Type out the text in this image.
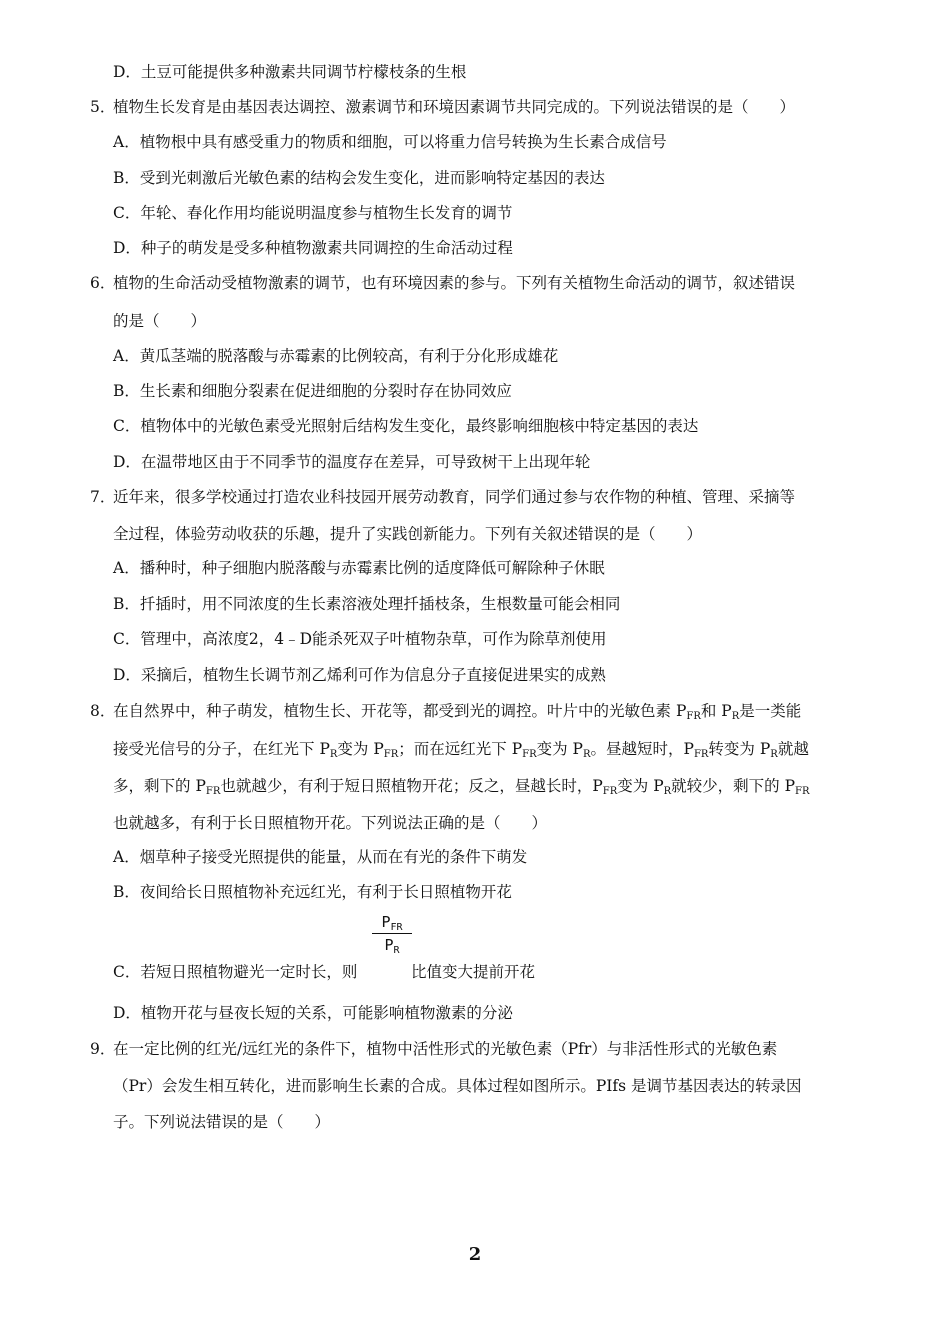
D．土豆可能提供多种激素共同调节柠檬枝条的生根
5．
植物生长发育是由基因表达调控、激素调节和环境因素调节共同完成的。下列说法错误的是（　　）
A．植物根中具有感受重力的物质和细胞，可以将重力信号转换为生长素合成信号
B．受到光刺激后光敏色素的结构会发生变化，进而影响特定基因的表达
C．年轮、春化作用均能说明温度参与植物生长发育的调节
D．种子的萌发是受多种植物激素共同调控的生命活动过程
6．
植物的生命活动受植物激素的调节，也有环境因素的参与。下列有关植物生命活动的调节，叙述错误
的是（　　）
A．黄瓜茎端的脱落酸与赤霉素的比例较高，有利于分化形成雄花
B．生长素和细胞分裂素在促进细胞的分裂时存在协同效应
C．植物体中的光敏色素受光照射后结构发生变化，最终影响细胞核中特定基因的表达
D．在温带地区由于不同季节的温度存在差异，可导致树干上出现年轮
7．
近年来，很多学校通过打造农业科技园开展劳动教育，同学们通过参与农作物的种植、管理、采摘等
全过程，体验劳动收获的乐趣，提升了实践创新能力。下列有关叙述错误的是（　　）
A．播种时，种子细胞内脱落酸与赤霉素比例的适度降低可解除种子休眠
B．扦插时，用不同浓度的生长素溶液处理扦插枝条，生根数量可能会相同
C．管理中，高浓度2，4﹣D能杀死双子叶植物杂草，可作为除草剂使用
D．采摘后，植物生长调节剂乙烯利可作为信息分子直接促进果实的成熟
8．
在自然界中，种子萌发，植物生长、开花等，都受到光的调控。叶片中的光敏色素 $P_{FR}$和 $P_R$是一类能
接受光信号的分子，在红光下 $P_R$变为 $P_{FR}$；而在远红光下 $P_{FR}$变为 $P_R$。昼越短时，$P_{FR}$转变为 $P_R$就越
多，剩下的 $P_{FR}$也就越少，有利于短日照植物开花；反之，昼越长时，$P_{FR}$变为 $P_R$就较少，剩下的 $P_{FR}$
也就越多，有利于长日照植物开花。下列说法正确的是（　　）
A．烟草种子接受光照提供的能量，从而在有光的条件下萌发
B．夜间给长日照植物补充远红光，有利于长日照植物开花
$P_{FR}$
$P_R$
C．若短日照植物避光一定时长，则	比值变大提前开花
D．植物开花与昼夜长短的关系，可能影响植物激素的分泌
9．
在一定比例的红光/远红光的条件下，植物中活性形式的光敏色素（Pfr）与非活性形式的光敏色素
（Pr）会发生相互转化，进而影响生长素的合成。具体过程如图所示。PIfs 是调节基因表达的转录因
子。下列说法错误的是（　　）
2
